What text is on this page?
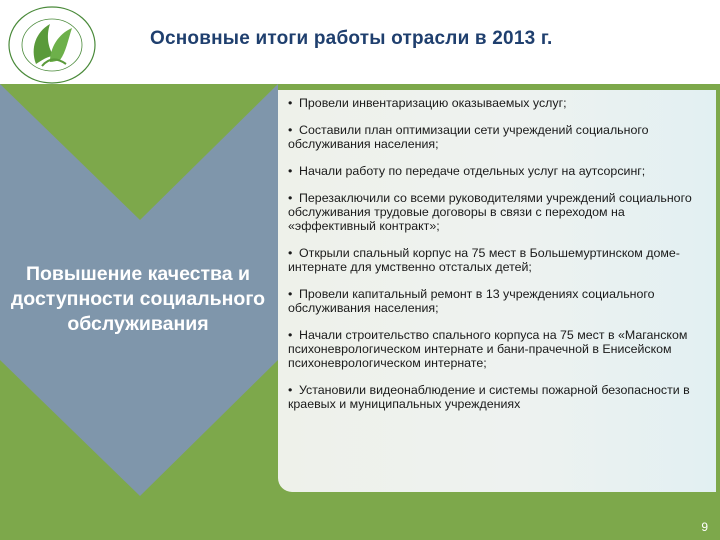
Основные итоги работы отрасли в 2013 г.
• Провели инвентаризацию оказываемых услуг;
• Составили план оптимизации сети учреждений социального обслуживания населения;
• Начали работу по передаче отдельных услуг на аутсорсинг;
• Перезаключили со всеми руководителями учреждений социального обслуживания трудовые договоры в связи с переходом на «эффективный контракт»;
• Открыли спальный корпус на 75 мест в Большемуртинском доме-интернате для умственно отсталых детей;
• Провели капитальный ремонт в 13 учреждениях социального обслуживания населения;
• Начали строительство спального корпуса на 75 мест в «Маганском психоневрологическом интернате и бани-прачечной в Енисейском психоневрологическом интернате;
• Установили видеонаблюдение и системы пожарной безопасности в краевых и муниципальных учреждениях
Повышение качества и доступности социального обслуживания
9
